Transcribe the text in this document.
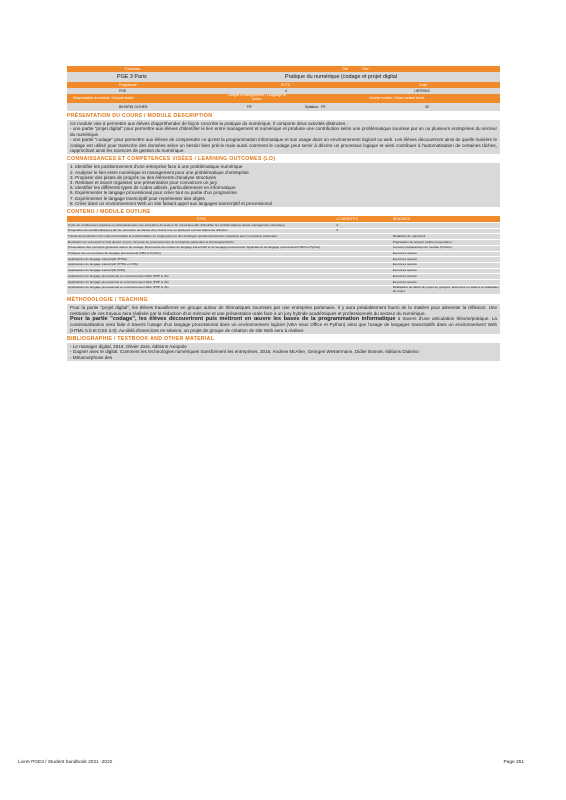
Formation	Title	Titre
PGE 3 Paris	Pratique du numérique (codage et projet digital
Programme	ECTS	Code
PGE	4	I.INTR003
Responsable du module / Module leader
Langue d'enseignement / Language of tuition	Volume horaire / Class contact hours
BIHORIN OLIVIER	FR	Syllabus: FR	30
PRÉSENTATION DU COURS / MODULE DESCRIPTION

Ce module vise à permettre aux élèves d'appréhender de façon concrète la pratique du numérique. Il comporte deux activités distinctes :

- une partie "projet digital" pour permettre aux élèves d'identifier le lien entre management et numérique et produire une contribution selon une problématique soumise par un ou plusieurs entreprises du secteur du numérique.

- une partie "codage" pour permettre aux élèves de comprendre ce qu'est la programmation informatique et son usage dans un environnement logiciel ou web. Les élèves découvriront ainsi de quelle manière le codage est utilisé pour transcrire des données selon un besoin bien précis mais aussi comment le codage peut servir à décrire un processus logique et ainsi contribuer à l'automatisation de certaines tâches, rapprochant ainsi les sciences de gestion du numérique.

CONNAISSANCES ET COMPÉTENCES VISÉES / LEARNING OUTCOMES (LO)

1. Identifier les positionnement d'une entreprise face à une problématique numérique

2. Analyser le lien entre numérique et management pour une problématique d'entreprise

3. Proposer des pistes de progrès ou des éléments d'analyse structurés

4. Restituer et savoir organiser une présentation pour convaincre un jury

5. Identifier les différents types de codes utilisés, particulièrement en informatique

6. Expérimenter le langage processional pour créer tout ou partie d'un programme

7. Expérimenter le langage transcriptif pour représenter des objets

8. Créer dans un environnement Web un site faisant appel aux langages transcriptif et processional

CONTENU / MODULE OUTLINE
TOPIC	LO BENEFITS	READINGS
Cycle de conférences organisé en partenariat avec une entreprise du secteur du numérique afin d'identifier les problématiques actuel management numérique.	0	
Proposition de problématique(s) afin de permettre au élèves d'en choisir une ou plusieurs comme thème de réflexion	0	
Travail de production d'un manuscrit traitant la problématique en s'appuyant sur des échanges questions/réponses organisés avec l'entreprise partenaire.		Rédaction du manuscrit
Restitution du manuscrit à l'oral devant un jury composé de professionnels de l'entreprise partenaire et d'enseignants/CN		Préparation du support visible présentation
Présentation des concepts généraux autour du codage: Découverte des bases du langage transcriptif et du langage processional. Applications du langage processional (VBA et Python)		Lectures préparatoires du module (2 blocs)
Pratiquer des et exercices du langage processional (VBA et Python).		Exercices séance
Applications du langage transcriptif (HTML)		Exercices séance
Applications du langage transcriptif (HTML et CSS)		Exercices séance
Applications du langage transcriptif (CSS)		Exercices séance
Applications du langage processional en environnement Web (PHP & JS)		Exercices séance
Applications du langage processional en environnement Web (PHP & JS)		Exercices séance
Applications du langage processional en environnement Web (PHP & JS)		Réalisation du début du projet en groupes. Exercices en séance et réalisation du projet
MÉTHODOLOGIE / TEACHING

Pour la partie "projet digital", les élèves travailleront en groupe autour de thématiques soumises par une entreprise partenaire. Il y aura préalablement fourni de la matière pour alimenter la réflexion. Une restitution de ces travaux sera réalisée par la rédaction d'un mémoire et une présentation orale face à un jury hybride académiques et professionnels du secteur du numérique.

Pour la partie "codage", les élèves découvriront puis mettront en œuvre les bases de la programmation informatique à travers d'une articulation théorie/pratique. La contextualisation sera faite à travers l'usage d'un langage processional dans un environnement logiciel (VBA sous Office et Python) ainsi que l'usage de langages transcriptifs dans un environnement Web (HTML 5.0 et CSS 3.0). Au-delà d'exercices en séance, un projet de groupe de création de site Web sera à réaliser.

BIBLIOGRAPHIE / TEXTBOOK AND OTHER MATERIAL

- Le manager digital, 2016, Olivier Zara, éditions Axiopole

- Gagner avec le digital. Comment les technologies numériques transforment les entreprises, 2016, Andrew McAfee, Georges Westermann, Didier Bonnet, éditions Dialeino

- Métamorphose des

Livret PGE3 / Student handbook 2021 -2022	Page 251
